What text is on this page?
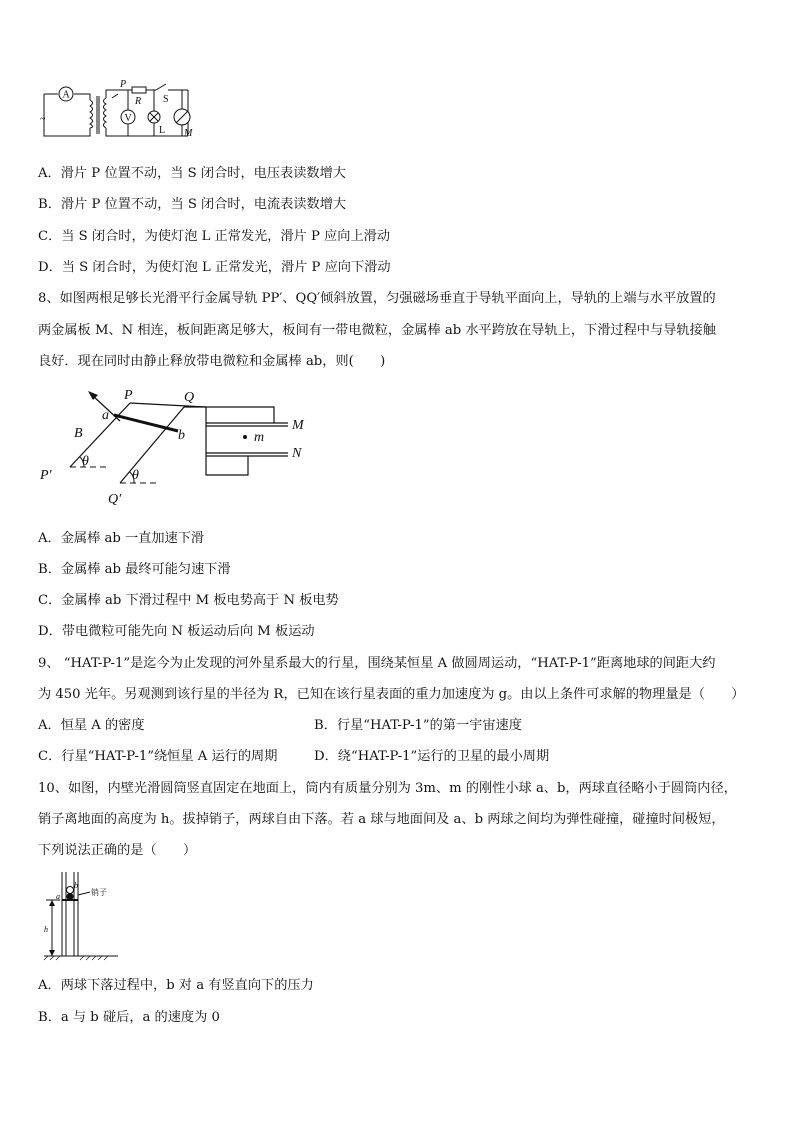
A
~
P
R S
V
L M
A．滑片 P 位置不动，当 S 闭合时，电压表读数增大
B．滑片 P 位置不动，当 S 闭合时，电流表读数增大
C．当 S 闭合时，为使灯泡 L 正常发光，滑片 P 应向上滑动
D．当 S 闭合时，为使灯泡 L 正常发光，滑片 P 应向下滑动
8、如图两根足够长光滑平行金属导轨 PP′、QQ′倾斜放置，匀强磁场垂直于导轨平面向上，导轨的上端与水平放置的
两金属板 M、N 相连，板间距离足够大，板间有一带电微粒，金属棒 ab 水平跨放在导轨上，下滑过程中与导轨接触
良好．现在同时由静止释放带电微粒和金属棒 ab，则(　　)
P	Q
a
b
B
θ
θ
P′
Q′
M
N
m
A．金属棒 ab 一直加速下滑
B．金属棒 ab 最终可能匀速下滑
C．金属棒 ab 下滑过程中 M 板电势高于 N 板电势
D．带电微粒可能先向 N 板运动后向 M 板运动
9、 “HAT-P-1”是迄今为止发现的河外星系最大的行星，围绕某恒星 A 做圆周运动，“HAT-P-1”距离地球的间距大约
为 450 光年。另观测到该行星的半径为 R，已知在该行星表面的重力加速度为 g。由以上条件可求解的物理量是（　　）
A．恒星 A 的密度	B．行星“HAT-P-1”的第一宇宙速度
C．行星“HAT-P-1”绕恒星 A 运行的周期	D．绕“HAT-P-1”运行的卫星的最小周期
10、如图，内壁光滑圆筒竖直固定在地面上，筒内有质量分别为 3m、m 的刚性小球 a、b，两球直径略小于圆筒内径，
销子离地面的高度为 h。拔掉销子，两球自由下落。若 a 球与地面间及 a、b 两球之间均为弹性碰撞，碰撞时间极短，
下列说法正确的是（　　）
销子
h
a
b
A．两球下落过程中，b 对 a 有竖直向下的压力
B．a 与 b 碰后，a 的速度为 0
